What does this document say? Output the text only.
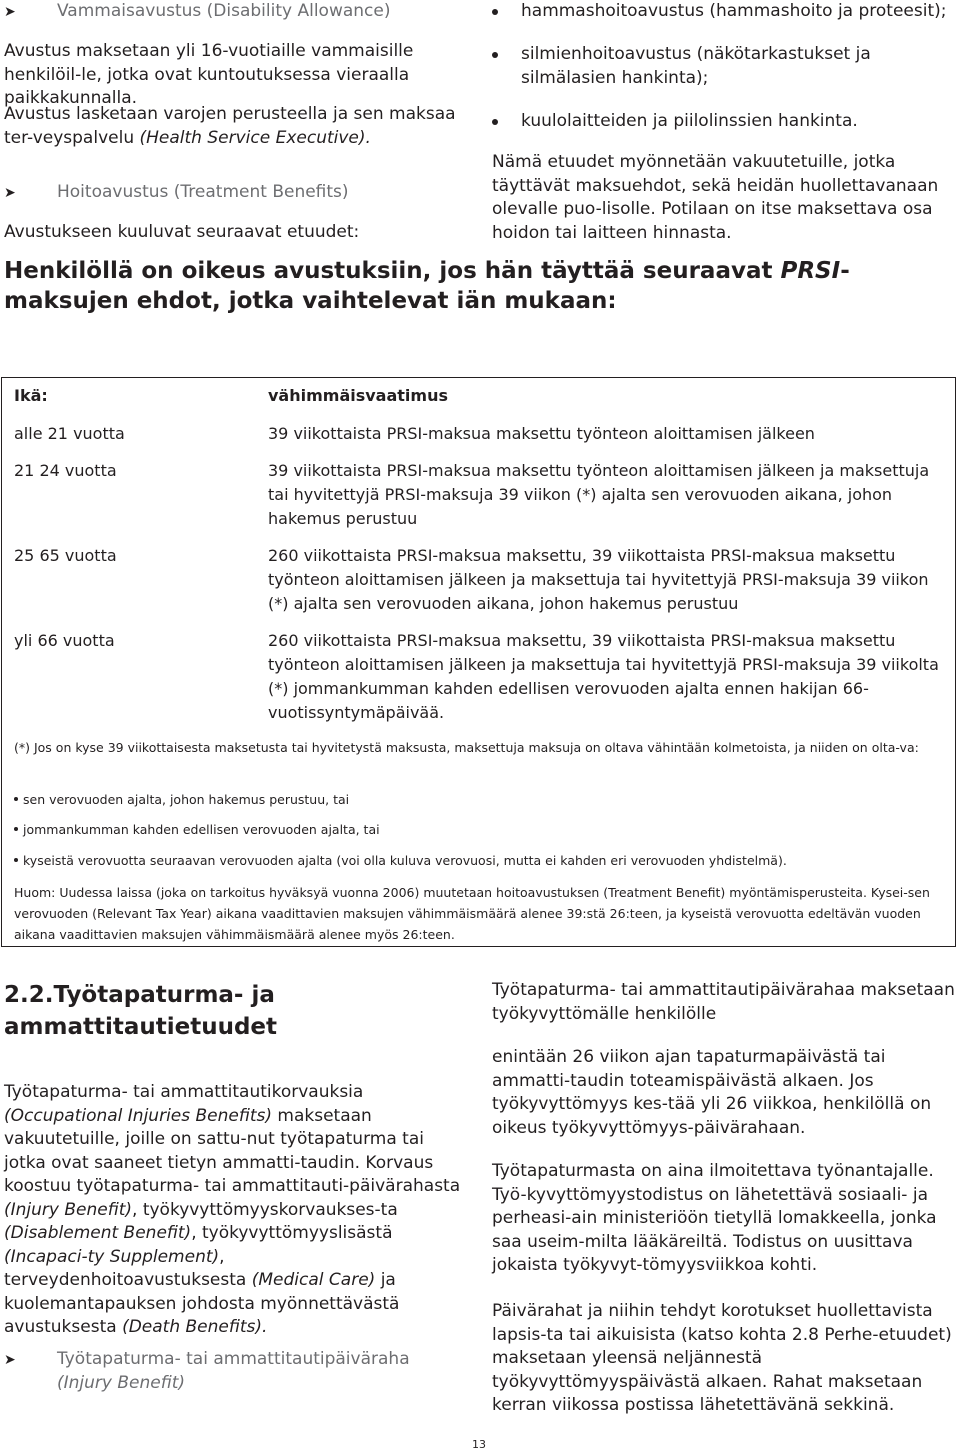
➤ Vammaisavustus (Disability Allowance)

Avustus maksetaan yli 16-vuotiaille vammaisille henkilöil-le, jotka ovat kuntoutuksessa vieraalla paikkakunnalla.

Avustus lasketaan varojen perusteella ja sen maksaa ter-veyspalvelu (Health Service Executive).

➤ Hoitoavustus (Treatment Benefits)

Avustukseen kuuluvat seuraavat etuudet:

hammashoitoavustus (hammashoito ja proteesit);

silmienhoitoavustus (näkötarkastukset ja silmälasien hankinta);

kuulolaitteiden ja piilolinssien hankinta.

Nämä etuudet myönnetään vakuutetuille, jotka täyttävät maksuehdot, sekä heidän huollettavanaan olevalle puo-lisolle. Potilaan on itse maksettava osa hoidon tai laitteen hinnasta.

Henkilöllä on oikeus avustuksiin, jos hän täyttää seuraavat PRSI-maksujen ehdot, jotka vaihtelevat iän mukaan:

Ikä:	vähimmäisvaatimus

alle 21 vuotta	39 viikottaista PRSI-maksua maksettu työnteon aloittamisen jälkeen

21 24 vuotta	39 viikottaista PRSI-maksua maksettu työnteon aloittamisen jälkeen ja maksettuja tai hyvitettyjä PRSI-maksuja 39 viikon (*) ajalta sen verovuoden aikana, johon hakemus perustuu

25 65 vuotta	260 viikottaista PRSI-maksua maksettu, 39 viikottaista PRSI-maksua maksettu työnteon aloittamisen jälkeen ja maksettuja tai hyvitettyjä PRSI-maksuja 39 viikon (*) ajalta sen verovuoden aikana, johon hakemus perustuu

yli 66 vuotta	260 viikottaista PRSI-maksua maksettu, 39 viikottaista PRSI-maksua maksettu työnteon aloittamisen jälkeen ja maksettuja tai hyvitettyjä PRSI-maksuja 39 viikolta (*) jommankumman kahden edellisen verovuoden ajalta ennen hakijan 66-vuotissyntymäpäivää.

(*) Jos on kyse 39 viikottaisesta maksetusta tai hyvitetystä maksusta, maksettuja maksuja on oltava vähintään kolmetoista, ja niiden on olta-va:

sen verovuoden ajalta, johon hakemus perustuu, tai

jommankumman kahden edellisen verovuoden ajalta, tai

kyseistä verovuotta seuraavan verovuoden ajalta (voi olla kuluva verovuosi, mutta ei kahden eri verovuoden yhdistelmä).

Huom: Uudessa laissa (joka on tarkoitus hyväksyä vuonna 2006) muutetaan hoitoavustuksen (Treatment Benefit) myöntämisperusteita. Kysei-sen verovuoden (Relevant Tax Year) aikana vaadittavien maksujen vähimmäismäärä alenee 39:stä 26:teen, ja kyseistä verovuotta edeltävän vuoden aikana vaadittavien maksujen vähimmäismäärä alenee myös 26:teen.

2.2.Työtapaturma- ja
ammattitautietuudet

Työtapaturma- tai ammattitautikorvauksia (Occupational Injuries Benefits) maksetaan vakuutetuille, joille on sattu-nut työtapaturma tai jotka ovat saaneet tietyn ammatti-taudin. Korvaus koostuu työtapaturma- tai ammattitauti-päivärahasta (Injury Benefit), työkyvyttömyyskorvaukses-ta (Disablement Benefit), työkyvyttömyyslisästä (Incapaci-ty Supplement), terveydenhoitoavustuksesta (Medical Care) ja kuolemantapauksen johdosta myönnettävästä avustuksesta (Death Benefits).

➤ Työtapaturma- tai ammattitautipäiväraha (Injury Benefit)

Työtapaturma- tai ammattitautipäivärahaa maksetaan työkyvyttömälle henkilölle

enintään 26 viikon ajan tapaturmapäivästä tai ammatti-taudin toteamispäivästä alkaen. Jos työkyvyttömyys kes-tää yli 26 viikkoa, henkilöllä on oikeus työkyvyttömyys-päivärahaan.

Työtapaturmasta on aina ilmoitettava työnantajalle. Työ-kyvyttömyystodistus on lähetettävä sosiaali- ja perheasi-ain ministeriöön tietyllä lomakkeella, jonka saa useim-milta lääkäreiltä. Todistus on uusittava jokaista työkyvyt-tömyysviikkoa kohti.

Päivärahat ja niihin tehdyt korotukset huollettavista lapsis-ta tai aikuisista (katso kohta 2.8 Perhe-etuudet) maksetaan yleensä neljännestä työkyvyttömyyspäivästä alkaen. Rahat maksetaan kerran viikossa postissa lähetettävänä sekkinä.

13
